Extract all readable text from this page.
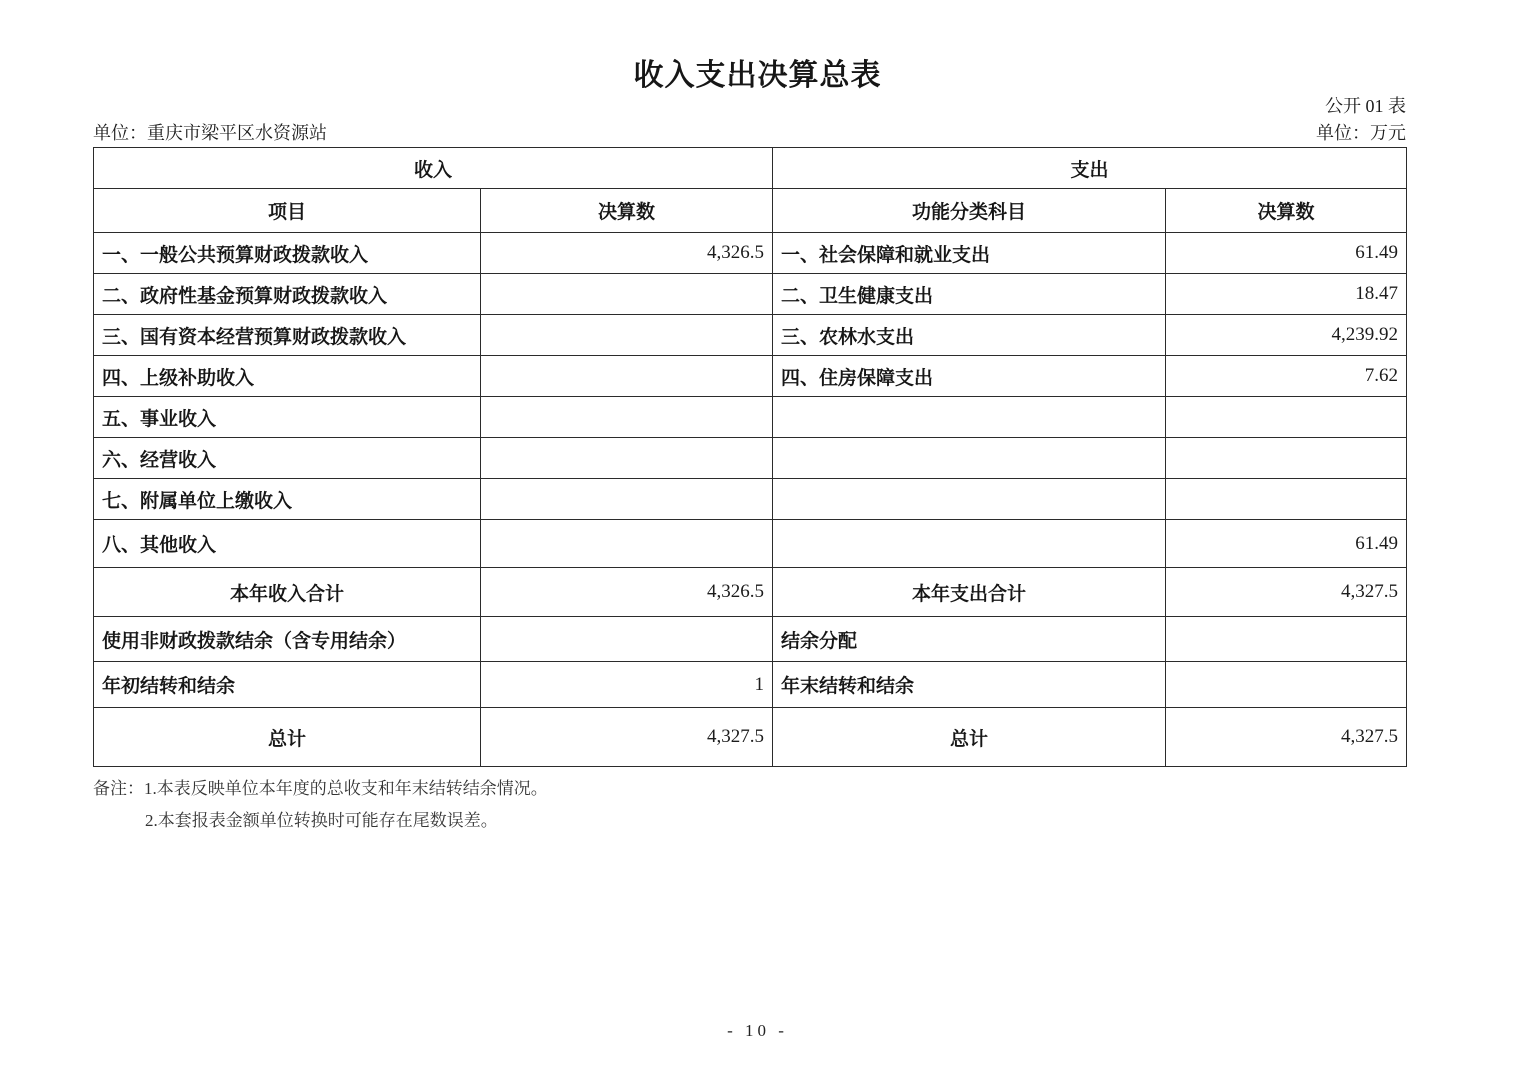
收入支出决算总表
公开 01 表
单位：重庆市梁平区水资源站	单位：万元
收入		支出	
项目	决算数	功能分类科目	决算数
一、一般公共预算财政拨款收入	4,326.5	一、社会保障和就业支出	61.49
二、政府性基金预算财政拨款收入		二、卫生健康支出	18.47
三、国有资本经营预算财政拨款收入		三、农林水支出	4,239.92
四、上级补助收入		四、住房保障支出	7.62
五、事业收入			
六、经营收入			
七、附属单位上缴收入			
八、其他收入			61.49
本年收入合计	4,326.5	本年支出合计	4,327.5
使用非财政拨款结余（含专用结余）		结余分配	
年初结转和结余	1	年末结转和结余	
总计	4,327.5	总计	4,327.5
备注：1.本表反映单位本年度的总收支和年末结转结余情况。
2.本套报表金额单位转换时可能存在尾数误差。
- 10 -
